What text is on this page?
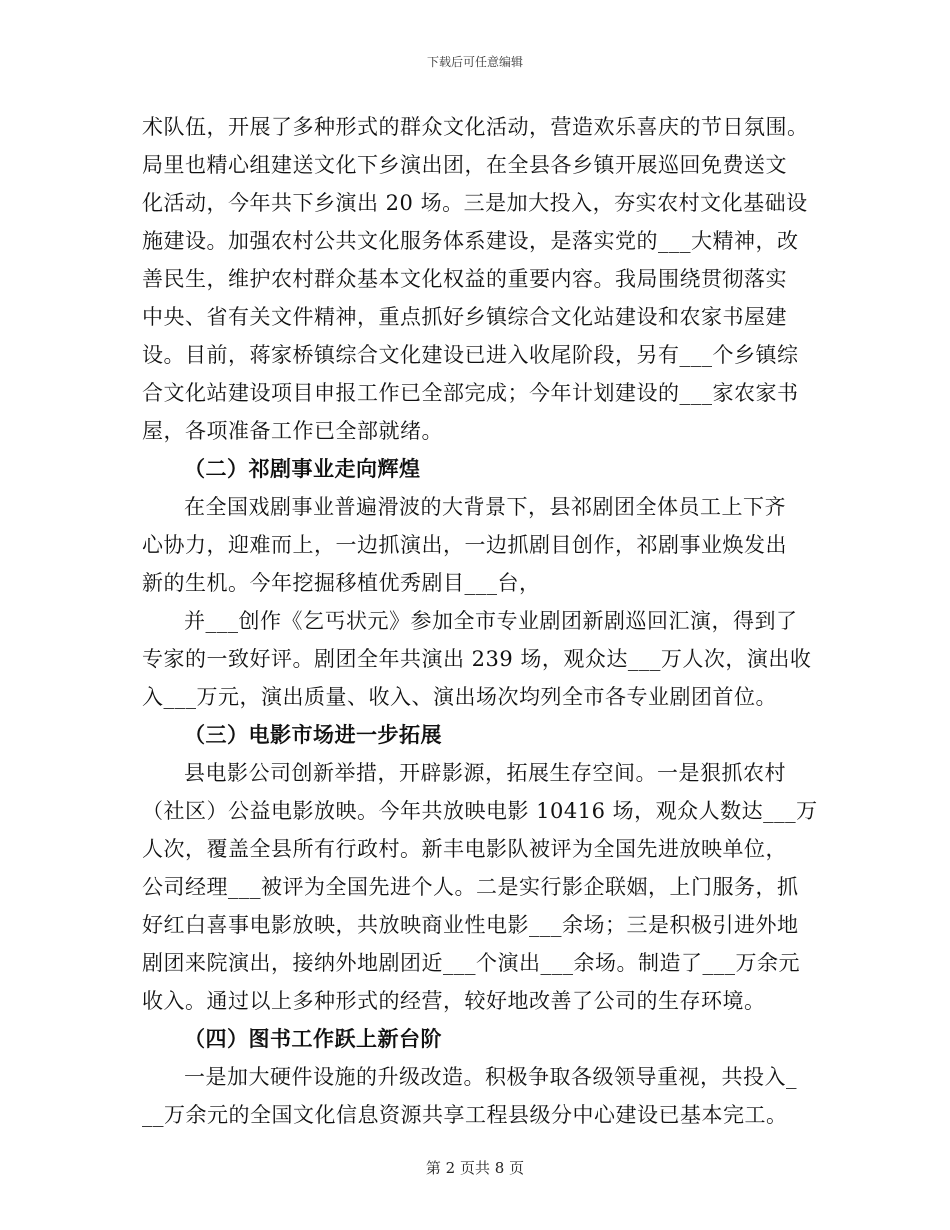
下载后可任意编辑
术队伍，开展了多种形式的群众文化活动，营造欢乐喜庆的节日氛围。
局里也精心组建送文化下乡演出团，在全县各乡镇开展巡回免费送文
化活动，今年共下乡演出 20 场。三是加大投入，夯实农村文化基础设
施建设。加强农村公共文化服务体系建设，是落实党的___大精神，改
善民生，维护农村群众基本文化权益的重要内容。我局围绕贯彻落实
中央、省有关文件精神，重点抓好乡镇综合文化站建设和农家书屋建
设。目前，蒋家桥镇综合文化建设已进入收尾阶段，另有___个乡镇综
合文化站建设项目申报工作已全部完成；今年计划建设的___家农家书
屋，各项准备工作已全部就绪。
（二）祁剧事业走向辉煌
在全国戏剧事业普遍滑波的大背景下，县祁剧团全体员工上下齐
心协力，迎难而上，一边抓演出，一边抓剧目创作，祁剧事业焕发出
新的生机。今年挖掘移植优秀剧目___台，
并___创作《乞丐状元》参加全市专业剧团新剧巡回汇演，得到了
专家的一致好评。剧团全年共演出 239 场，观众达___万人次，演出收
入___万元，演出质量、收入、演出场次均列全市各专业剧团首位。
（三）电影市场进一步拓展
县电影公司创新举措，开辟影源，拓展生存空间。一是狠抓农村
（社区）公益电影放映。今年共放映电影 10416 场，观众人数达___万
人次，覆盖全县所有行政村。新丰电影队被评为全国先进放映单位，
公司经理___被评为全国先进个人。二是实行影企联姻，上门服务，抓
好红白喜事电影放映，共放映商业性电影___余场；三是积极引进外地
剧团来院演出，接纳外地剧团近___个演出___余场。制造了___万余元
收入。通过以上多种形式的经营，较好地改善了公司的生存环境。
（四）图书工作跃上新台阶
一是加大硬件设施的升级改造。积极争取各级领导重视，共投入_
__万余元的全国文化信息资源共享工程县级分中心建设已基本完工。
第 2 页共 8 页
